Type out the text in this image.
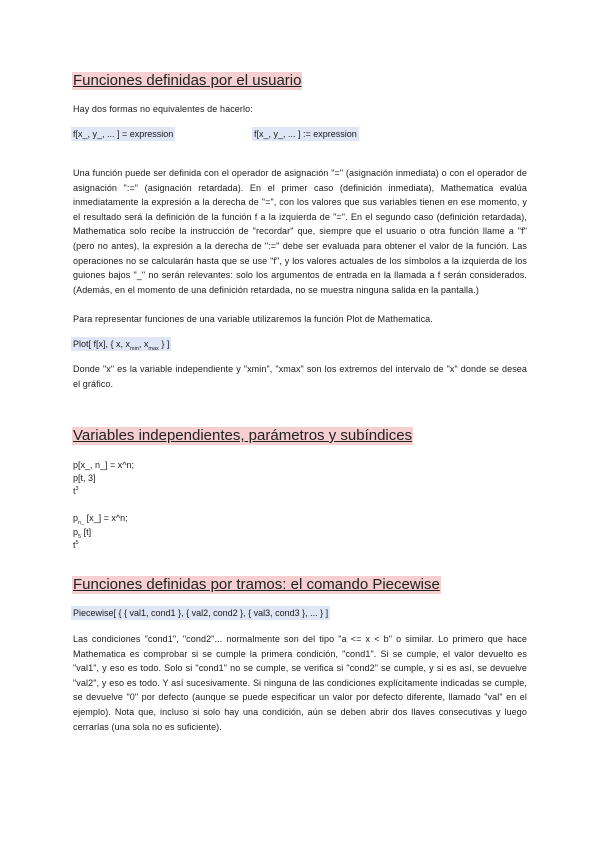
Funciones definidas por el usuario
Hay dos formas no equivalentes de hacerlo:
f[x_, y_, ... ] = expression	f[x_, y_, ... ] := expression
Una función puede ser definida con el operador de asignación "=" (asignación inmediata) o con el operador de asignación ":=" (asignación retardada). En el primer caso (definición inmediata), Mathematica evalúa inmediatamente la expresión a la derecha de "=", con los valores que sus variables tienen en ese momento, y el resultado será la definición de la función f a la izquierda de "=". En el segundo caso (definición retardada), Mathematica solo recibe la instrucción de "recordar" que, siempre que el usuario o otra función llame a "f" (pero no antes), la expresión a la derecha de ":=" debe ser evaluada para obtener el valor de la función. Las operaciones no se calcularán hasta que se use "f", y los valores actuales de los símbolos a la izquierda de los guiones bajos "_" no serán relevantes: solo los argumentos de entrada en la llamada a f serán considerados. (Además, en el momento de una definición retardada, no se muestra ninguna salida en la pantalla.)
Para representar funciones de una variable utilizaremos la función Plot de Mathematica.
Plot[ f[x], { x, $x_{min}$, $x_{max}$ } ]
Donde "x" es la variable independiente y "xmin", "xmax" son los extremos del intervalo de "x" donde se desea el gráfico.
Variables independientes, parámetros y subíndices
p[x_, n_] = x^n;
p[t, 3]
$t^3$
$p_{n\_}$ [x_] = x^n;
$p_5$ [t]
$t^5$
Funciones definidas por tramos: el comando Piecewise
Piecewise[ { { val1, cond1 }, { val2, cond2 }, { val3, cond3 }, ... } ]
Las condiciones "cond1", "cond2"... normalmente son del tipo "a <= x < b" o similar. Lo primero que hace Mathematica es comprobar si se cumple la primera condición, "cond1". Si se cumple, el valor devuelto es "val1", y eso es todo. Solo si "cond1" no se cumple, se verifica si "cond2" se cumple, y si es así, se devuelve "val2", y eso es todo. Y así sucesivamente. Si ninguna de las condiciones explícitamente indicadas se cumple, se devuelve "0" por defecto (aunque se puede especificar un valor por defecto diferente, llamado "val" en el ejemplo). Nota que, incluso si solo hay una condición, aún se deben abrir dos llaves consecutivas y luego cerrarlas (una sola no es suficiente).
